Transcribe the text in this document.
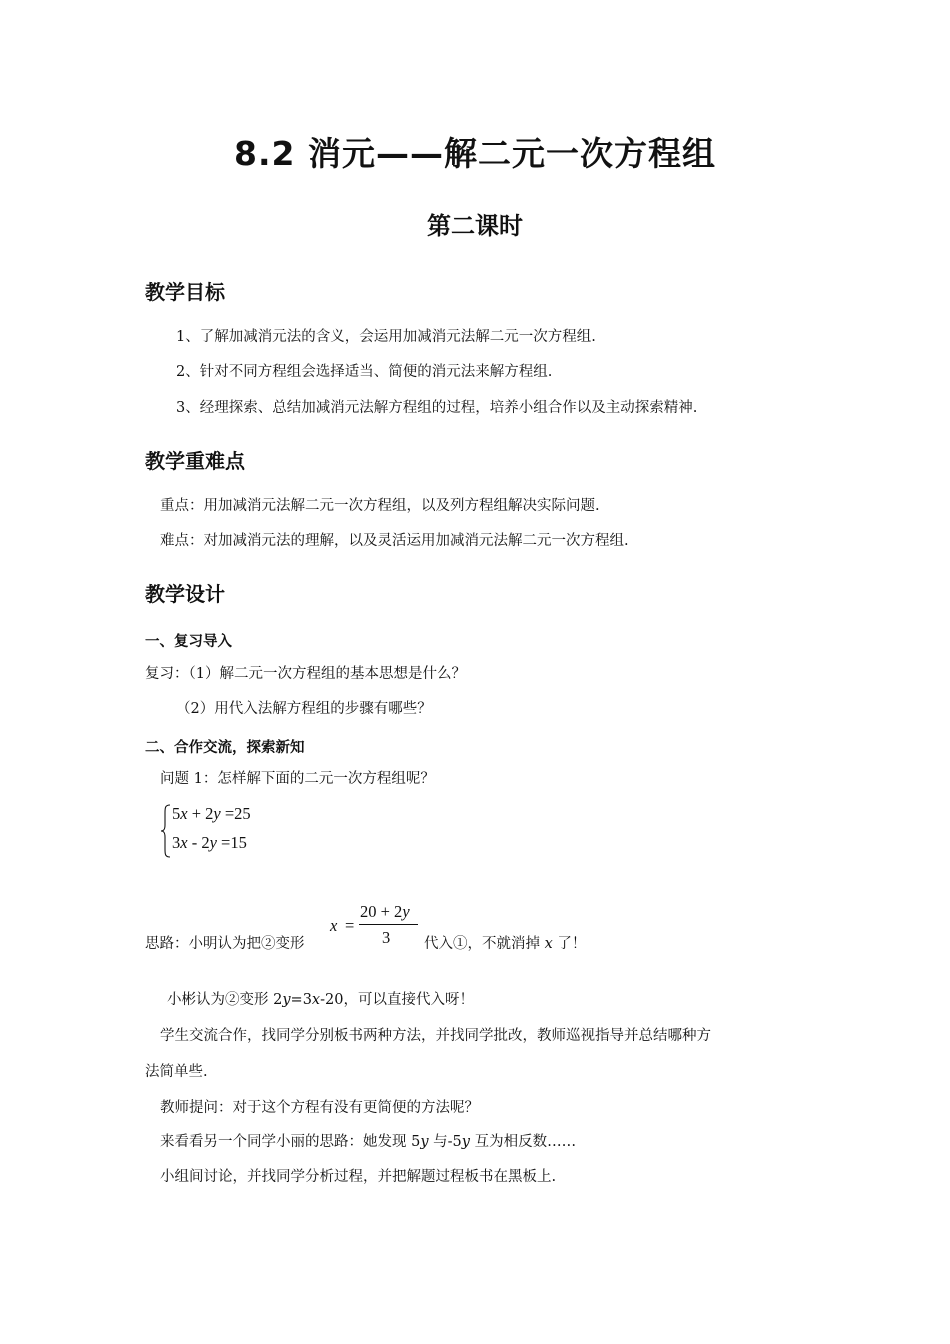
8.2 消元——解二元一次方程组
第二课时
教学目标
1、了解加减消元法的含义，会运用加减消元法解二元一次方程组.
2、针对不同方程组会选择适当、简便的消元法来解方程组.
3、经理探索、总结加减消元法解方程组的过程，培养小组合作以及主动探索精神.
教学重难点
重点：用加减消元法解二元一次方程组，以及列方程组解决实际问题.
难点：对加减消元法的理解，以及灵活运用加减消元法解二元一次方程组.
教学设计
一、复习导入
复习：（1）解二元一次方程组的基本思想是什么？
（2）用代入法解方程组的步骤有哪些？
二、合作交流，探索新知
问题 1：怎样解下面的二元一次方程组呢？
5x + 2y =25
3x - 2y =15
思路：小明认为把②变形
x =
20 + 2y
3 代入①，不就消掉 x 了！
小彬认为②变形 2y=3x-20，可以直接代入呀！
学生交流合作，找同学分别板书两种方法，并找同学批改，教师巡视指导并总结哪种方
法简单些.
教师提问：对于这个方程有没有更简便的方法呢？
来看看另一个同学小丽的思路：她发现 5y 与-5y 互为相反数……
小组间讨论，并找同学分析过程，并把解题过程板书在黑板上.
